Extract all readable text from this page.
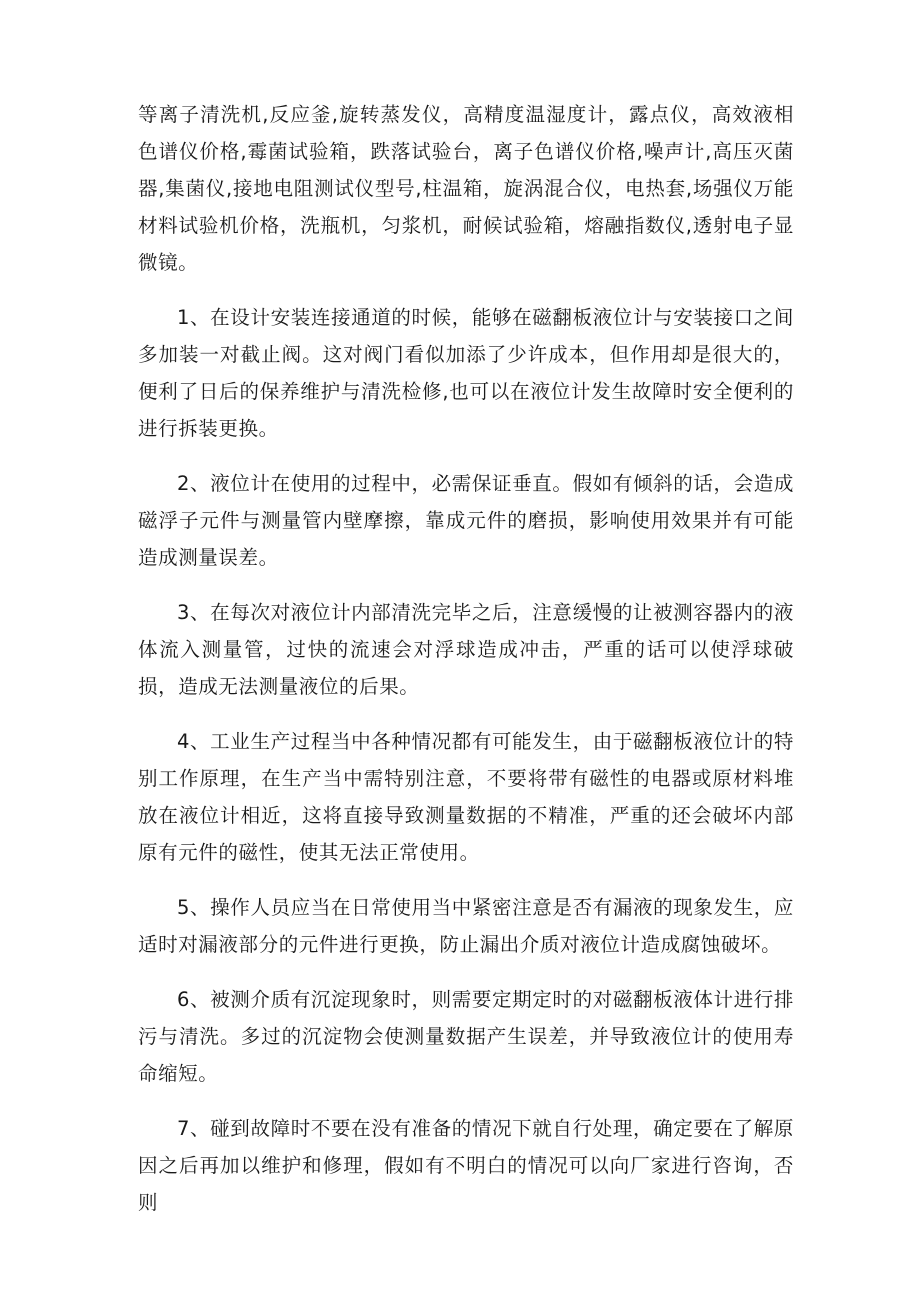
等离子清洗机,反应釜,旋转蒸发仪，高精度温湿度计，露点仪，高效液相色谱仪价格,霉菌试验箱，跌落试验台，离子色谱仪价格,噪声计,高压灭菌器,集菌仪,接地电阻测试仪型号,柱温箱，旋涡混合仪，电热套,场强仪万能材料试验机价格，洗瓶机，匀浆机，耐候试验箱，熔融指数仪,透射电子显微镜。

1、在设计安装连接通道的时候，能够在磁翻板液位计与安装接口之间多加装一对截止阀。这对阀门看似加添了少许成本，但作用却是很大的，便利了日后的保养维护与清洗检修,也可以在液位计发生故障时安全便利的进行拆装更换。

2、液位计在使用的过程中，必需保证垂直。假如有倾斜的话，会造成磁浮子元件与测量管内壁摩擦，靠成元件的磨损，影响使用效果并有可能造成测量误差。

3、在每次对液位计内部清洗完毕之后，注意缓慢的让被测容器内的液体流入测量管，过快的流速会对浮球造成冲击，严重的话可以使浮球破损，造成无法测量液位的后果。

4、工业生产过程当中各种情况都有可能发生，由于磁翻板液位计的特别工作原理，在生产当中需特别注意，不要将带有磁性的电器或原材料堆放在液位计相近，这将直接导致测量数据的不精准，严重的还会破坏内部原有元件的磁性，使其无法正常使用。

5、操作人员应当在日常使用当中紧密注意是否有漏液的现象发生，应适时对漏液部分的元件进行更换，防止漏出介质对液位计造成腐蚀破坏。

6、被测介质有沉淀现象时，则需要定期定时的对磁翻板液体计进行排污与清洗。多过的沉淀物会使测量数据产生误差，并导致液位计的使用寿命缩短。

7、碰到故障时不要在没有准备的情况下就自行处理，确定要在了解原因之后再加以维护和修理，假如有不明白的情况可以向厂家进行咨询，否则
